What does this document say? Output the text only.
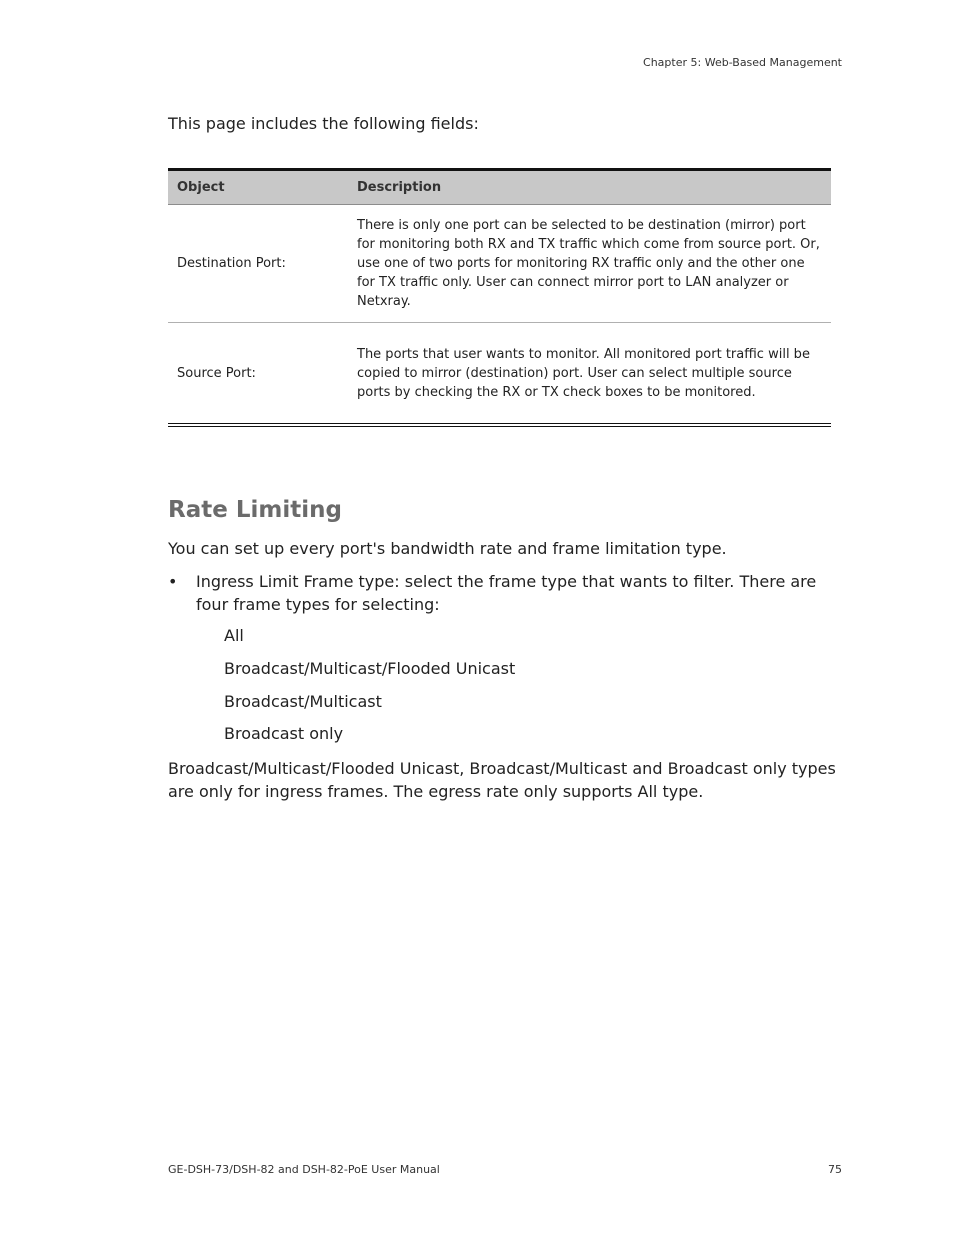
Chapter 5: Web-Based Management
This page includes the following fields:
Object	Description
Destination Port:	There is only one port can be selected to be destination (mirror) port for monitoring both RX and TX traffic which come from source port. Or, use one of two ports for monitoring RX traffic only and the other one for TX traffic only. User can connect mirror port to LAN analyzer or Netxray.
Source Port:	The ports that user wants to monitor. All monitored port traffic will be copied to mirror (destination) port. User can select multiple source ports by checking the RX or TX check boxes to be monitored.
Rate Limiting

You can set up every port's bandwidth rate and frame limitation type.

• Ingress Limit Frame type: select the frame type that wants to filter. There are four frame types for selecting:
All
Broadcast/Multicast/Flooded Unicast
Broadcast/Multicast
Broadcast only

Broadcast/Multicast/Flooded Unicast, Broadcast/Multicast and Broadcast only types are only for ingress frames. The egress rate only supports All type.

GE-DSH-73/DSH-82 and DSH-82-PoE User Manual	75
